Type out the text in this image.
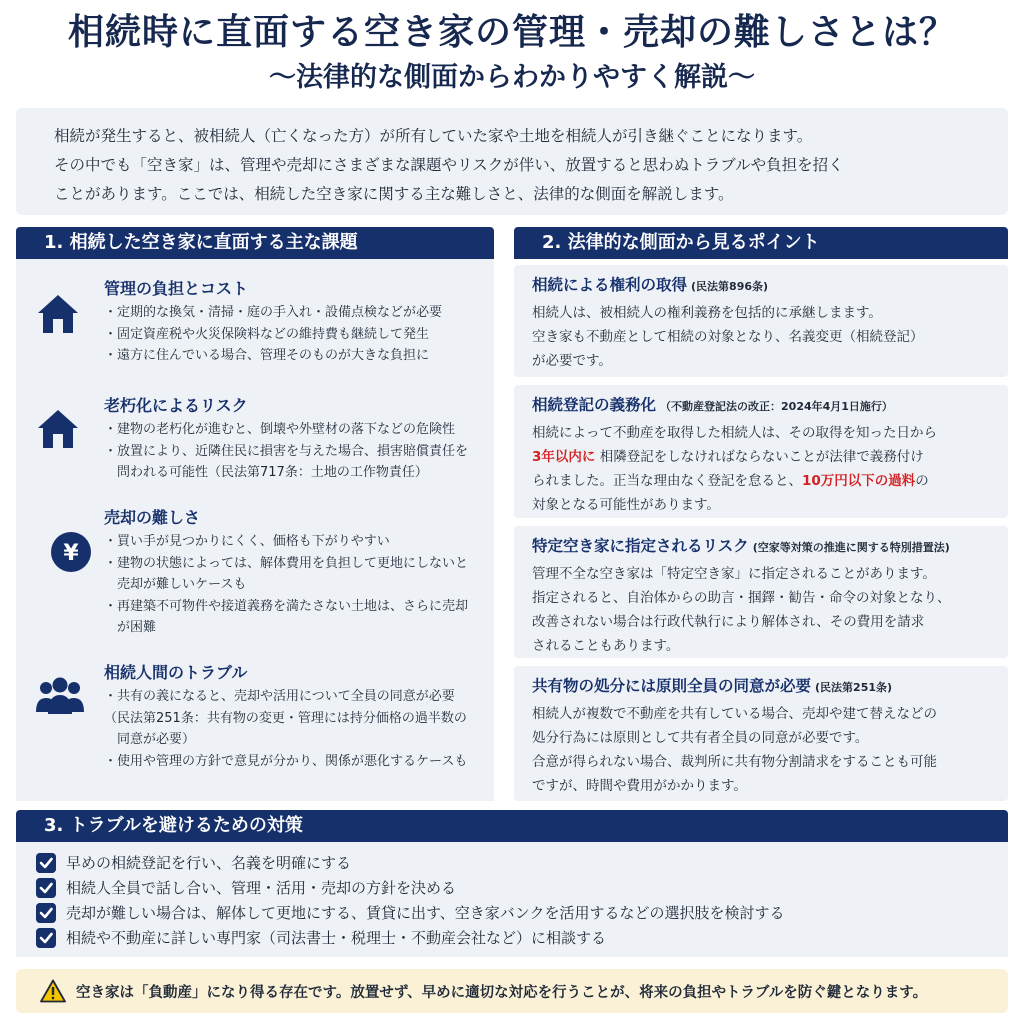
相続時に直面する空き家の管理・売却の難しさとは？
〜法律的な側面からわかりやすく解説〜

相続が発生すると、被相続人（亡くなった方）が所有していた家や土地を相続人が引き継ぐことになります。

その中でも「空き家」は、管理や売却にさまざまな課題やリスクが伴い、放置すると思わぬトラブルや負担を招く

ことがあります。ここでは、相続した空き家に関する主な難しさと、法律的な側面を解説します。

1. 相続した空き家に直面する主な課題
管理の負担とコスト
・定期的な換気・清掃・庭の手入れ・設備点検などが必要
・固定資産税や火災保険料などの維持費も継続して発生
・遠方に住んでいる場合、管理そのものが大きな負担に
老朽化によるリスク
・建物の老朽化が進むと、倒壊や外壁材の落下などの危険性
・放置により、近隣住民に損害を与えた場合、損害賠償責任を
　問われる可能性（民法第717条：土地の工作物責任）
¥
売却の難しさ
・買い手が見つかりにくく、価格も下がりやすい
・建物の状態によっては、解体費用を負担して更地にしないと
　売却が難しいケースも
・再建築不可物件や接道義務を満たさない土地は、さらに売却
　が困難
相続人間のトラブル
・共有の義になると、売却や活用について全員の同意が必要
（民法第251条：共有物の変更・管理には持分価格の過半数の
　同意が必要）
・使用や管理の方針で意見が分かり、関係が悪化するケースも
2. 法律的な側面から見るポイント
相続による権利の取得 (民法第896条)

相続人は、被相続人の権利義務を包括的に承継しまます。
空き家も不動産として相続の対象となり、名義変更（相続登記）
が必要です。

相続登記の義務化 （不動産登記法の改正：2024年4月1日施行）

相続によって不動産を取得した相続人は、その取得を知った日から
3年以内に 相隣登記をしなければならないことが法律で義務付け
られました。正当な理由なく登記を怠ると、10万円以下の過料の
対象となる可能性があります。

特定空き家に指定されるリスク (空家等対策の推進に関する特別措置法)

管理不全な空き家は「特定空き家」に指定されることがあります。
指定されると、自治体からの助言・掴鐸・勧告・命令の対象となり、
改善されない場合は行政代執行により解体され、その費用を請求
されることもあります。

共有物の処分には原則全員の同意が必要 (民法第251条)

相続人が複数で不動産を共有している場合、売却や建て替えなどの
処分行為には原則として共有者全員の同意が必要です。
合意が得られない場合、裁判所に共有物分割請求をすることも可能
ですが、時間や費用がかかります。

3. トラブルを避けるための対策
早めの相続登記を行い、名義を明確にする
相続人全員で話し合い、管理・活用・売却の方針を決める
売却が難しい場合は、解体して更地にする、賃貸に出す、空き家バンクを活用するなどの選択肢を検討する
相続や不動産に詳しい専門家（司法書士・税理士・不動産会社など）に相談する
空き家は「負動産」になり得る存在です。放置せず、早めに適切な対応を行うことが、将来の負担やトラブルを防ぐ鍵となります。
